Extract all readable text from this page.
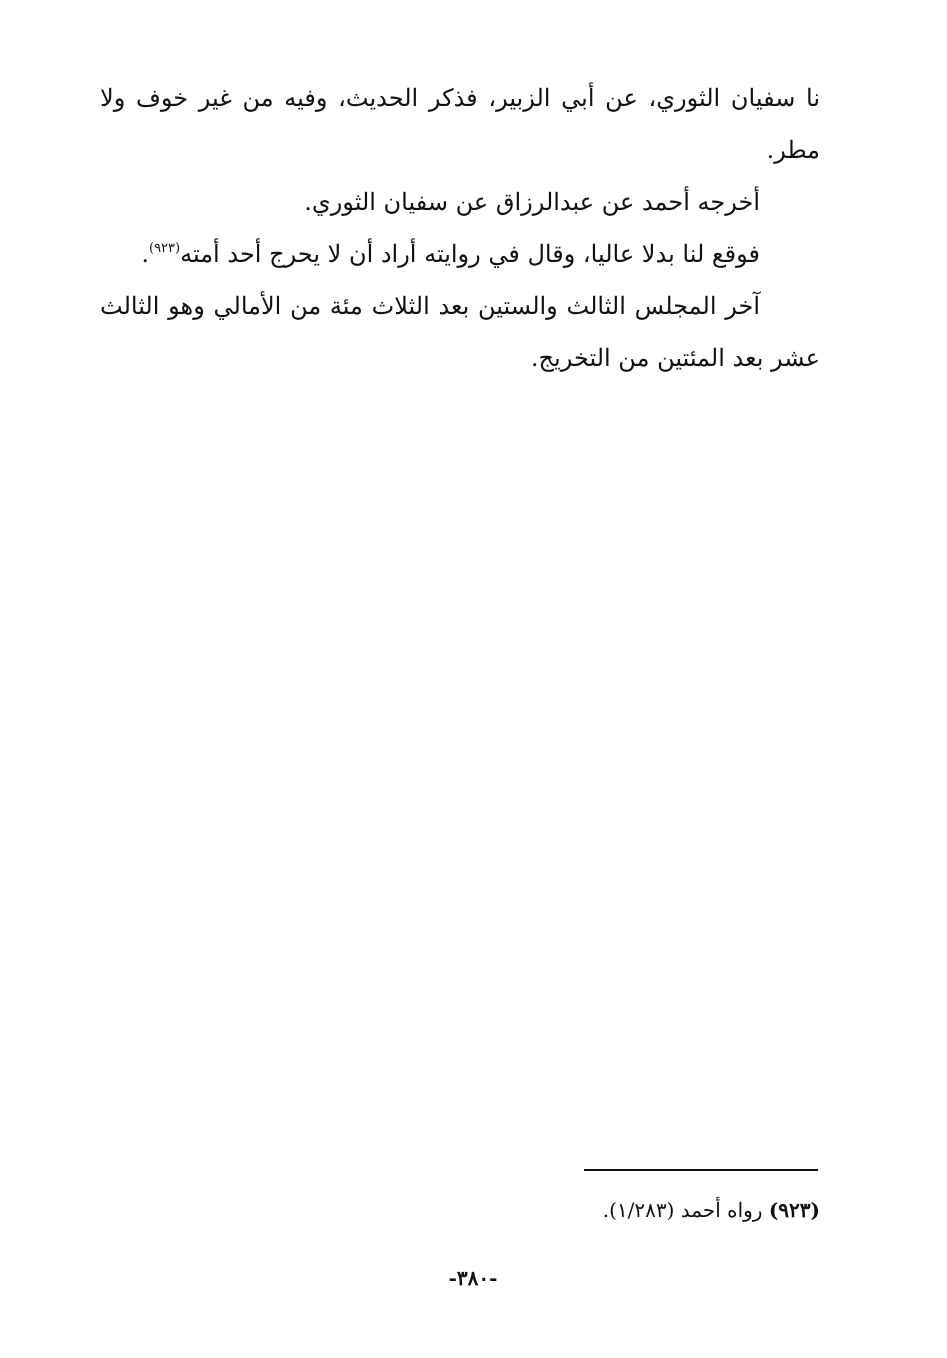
نا سفيان الثوري، عن أبي الزبير، فذكر الحديث، وفيه من غير خوف ولا مطر.

أخرجه أحمد عن عبدالرزاق عن سفيان الثوري.

فوقع لنا بدلا عاليا، وقال في روايته أراد أن لا يحرج أحد أمته$^{(٩٢٣)}$.

آخر المجلس الثالث والستين بعد الثلاث مئة من الأمالي وهو الثالث عشر بعد المئتين من التخريج.

(٩٢٣) رواه أحمد (١/٢٨٣).
-٣٨٠-
